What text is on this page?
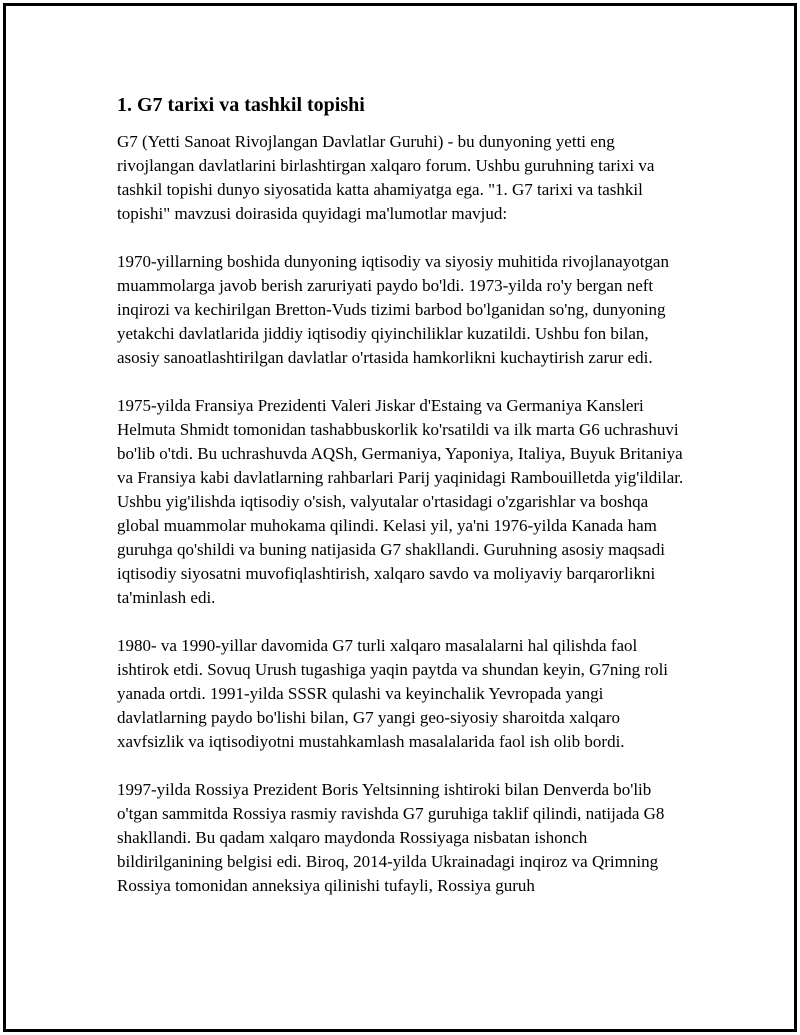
1. G7 tarixi va tashkil topishi

G7 (Yetti Sanoat Rivojlangan Davlatlar Guruhi) - bu dunyoning yetti eng rivojlangan davlatlarini birlashtirgan xalqaro forum. Ushbu guruhning tarixi va tashkil topishi dunyo siyosatida katta ahamiyatga ega. "1. G7 tarixi va tashkil topishi" mavzusi doirasida quyidagi ma'lumotlar mavjud:

1970-yillarning boshida dunyoning iqtisodiy va siyosiy muhitida rivojlanayotgan muammolarga javob berish zaruriyati paydo bo'ldi. 1973-yilda ro'y bergan neft inqirozi va kechirilgan Bretton-Vuds tizimi barbod bo'lganidan so'ng, dunyoning yetakchi davlatlarida jiddiy iqtisodiy qiyinchiliklar kuzatildi. Ushbu fon bilan, asosiy sanoatlashtirilgan davlatlar o'rtasida hamkorlikni kuchaytirish zarur edi.

1975-yilda Fransiya Prezidenti Valeri Jiskar d'Estaing va Germaniya Kansleri Helmuta Shmidt tomonidan tashabbuskorlik ko'rsatildi va ilk marta G6 uchrashuvi bo'lib o'tdi. Bu uchrashuvda AQSh, Germaniya, Yaponiya, Italiya, Buyuk Britaniya va Fransiya kabi davlatlarning rahbarlari Parij yaqinidagi Rambouilletda yig'ildilar. Ushbu yig'ilishda iqtisodiy o'sish, valyutalar o'rtasidagi o'zgarishlar va boshqa global muammolar muhokama qilindi. Kelasi yil, ya'ni 1976-yilda Kanada ham guruhga qo'shildi va buning natijasida G7 shakllandi. Guruhning asosiy maqsadi iqtisodiy siyosatni muvofiqlashtirish, xalqaro savdo va moliyaviy barqarorlikni ta'minlash edi.

1980- va 1990-yillar davomida G7 turli xalqaro masalalarni hal qilishda faol ishtirok etdi. Sovuq Urush tugashiga yaqin paytda va shundan keyin, G7ning roli yanada ortdi. 1991-yilda SSSR qulashi va keyinchalik Yevropada yangi davlatlarning paydo bo'lishi bilan, G7 yangi geo-siyosiy sharoitda xalqaro xavfsizlik va iqtisodiyotni mustahkamlash masalalarida faol ish olib bordi.

1997-yilda Rossiya Prezident Boris Yeltsinning ishtiroki bilan Denverda bo'lib o'tgan sammitda Rossiya rasmiy ravishda G7 guruhiga taklif qilindi, natijada G8 shakllandi. Bu qadam xalqaro maydonda Rossiyaga nisbatan ishonch bildirilganining belgisi edi. Biroq, 2014-yilda Ukrainadagi inqiroz va Qrimning Rossiya tomonidan anneksiya qilinishi tufayli, Rossiya guruh
